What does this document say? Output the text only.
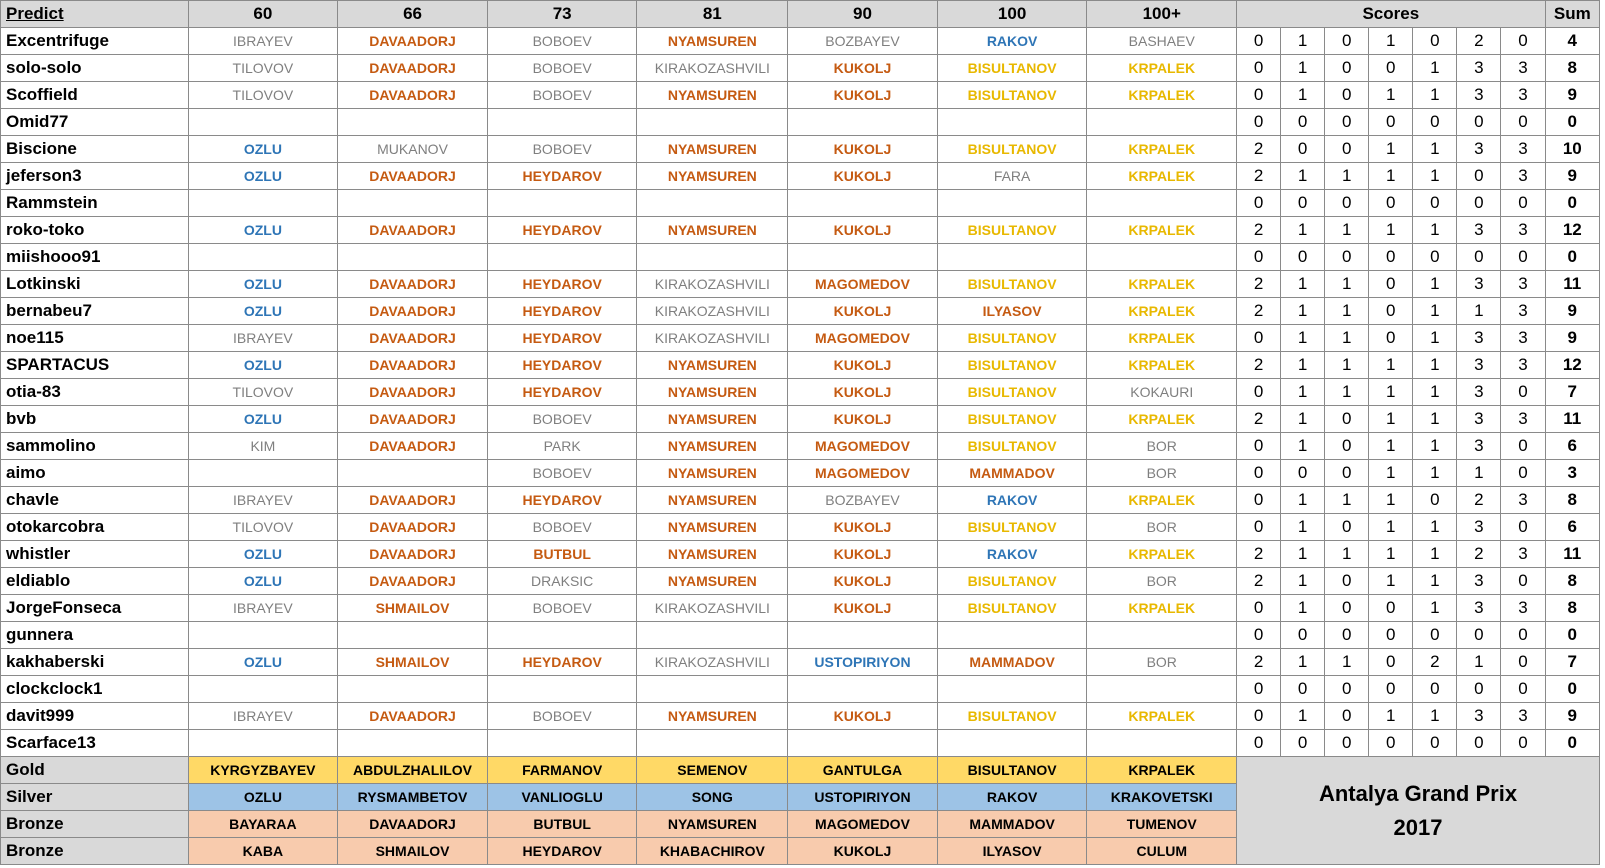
Predict	60	66	73	81	90	100	100+	Scores							Sum
Excentrifuge	IBRAYEV	DAVAADORJ	BOBOEV	NYAMSUREN	BOZBAYEV	RAKOV	BASHAEV	0	1	0	1	0	2	0	4
solo-solo	TILOVOV	DAVAADORJ	BOBOEV	KIRAKOZASHVILI	KUKOLJ	BISULTANOV	KRPALEK	0	1	0	0	1	3	3	8
Scoffield	TILOVOV	DAVAADORJ	BOBOEV	NYAMSUREN	KUKOLJ	BISULTANOV	KRPALEK	0	1	0	1	1	3	3	9
Omid77								0	0	0	0	0	0	0	0
Biscione	OZLU	MUKANOV	BOBOEV	NYAMSUREN	KUKOLJ	BISULTANOV	KRPALEK	2	0	0	1	1	3	3	10
jeferson3	OZLU	DAVAADORJ	HEYDAROV	NYAMSUREN	KUKOLJ	FARA	KRPALEK	2	1	1	1	1	0	3	9
Rammstein								0	0	0	0	0	0	0	0
roko-toko	OZLU	DAVAADORJ	HEYDAROV	NYAMSUREN	KUKOLJ	BISULTANOV	KRPALEK	2	1	1	1	1	3	3	12
miishooo91								0	0	0	0	0	0	0	0
Lotkinski	OZLU	DAVAADORJ	HEYDAROV	KIRAKOZASHVILI	MAGOMEDOV	BISULTANOV	KRPALEK	2	1	1	0	1	3	3	11
bernabeu7	OZLU	DAVAADORJ	HEYDAROV	KIRAKOZASHVILI	KUKOLJ	ILYASOV	KRPALEK	2	1	1	0	1	1	3	9
noe115	IBRAYEV	DAVAADORJ	HEYDAROV	KIRAKOZASHVILI	MAGOMEDOV	BISULTANOV	KRPALEK	0	1	1	0	1	3	3	9
SPARTACUS	OZLU	DAVAADORJ	HEYDAROV	NYAMSUREN	KUKOLJ	BISULTANOV	KRPALEK	2	1	1	1	1	3	3	12
otia-83	TILOVOV	DAVAADORJ	HEYDAROV	NYAMSUREN	KUKOLJ	BISULTANOV	KOKAURI	0	1	1	1	1	3	0	7
bvb	OZLU	DAVAADORJ	BOBOEV	NYAMSUREN	KUKOLJ	BISULTANOV	KRPALEK	2	1	0	1	1	3	3	11
sammolino	KIM	DAVAADORJ	PARK	NYAMSUREN	MAGOMEDOV	BISULTANOV	BOR	0	1	0	1	1	3	0	6
aimo			BOBOEV	NYAMSUREN	MAGOMEDOV	MAMMADOV	BOR	0	0	0	1	1	1	0	3
chavle	IBRAYEV	DAVAADORJ	HEYDAROV	NYAMSUREN	BOZBAYEV	RAKOV	KRPALEK	0	1	1	1	0	2	3	8
otokarcobra	TILOVOV	DAVAADORJ	BOBOEV	NYAMSUREN	KUKOLJ	BISULTANOV	BOR	0	1	0	1	1	3	0	6
whistler	OZLU	DAVAADORJ	BUTBUL	NYAMSUREN	KUKOLJ	RAKOV	KRPALEK	2	1	1	1	1	2	3	11
eldiablo	OZLU	DAVAADORJ	DRAKSIC	NYAMSUREN	KUKOLJ	BISULTANOV	BOR	2	1	0	1	1	3	0	8
JorgeFonseca	IBRAYEV	SHMAILOV	BOBOEV	KIRAKOZASHVILI	KUKOLJ	BISULTANOV	KRPALEK	0	1	0	0	1	3	3	8
gunnera								0	0	0	0	0	0	0	0
kakhaberski	OZLU	SHMAILOV	HEYDAROV	KIRAKOZASHVILI	USTOPIRIYON	MAMMADOV	BOR	2	1	1	0	2	1	0	7
clockclock1								0	0	0	0	0	0	0	0
davit999	IBRAYEV	DAVAADORJ	BOBOEV	NYAMSUREN	KUKOLJ	BISULTANOV	KRPALEK	0	1	0	1	1	3	3	9
Scarface13								0	0	0	0	0	0	0	0
Gold	KYRGYZBAYEV	ABDULZHALILOV	FARMANOV	SEMENOV	GANTULGA	BISULTANOV	KRPALEK	Antalya Grand Prix
2017							

Silver	OZLU	RYSMAMBETOV	VANLIOGLU	SONG	USTOPIRIYON	RAKOV	KRAKOVETSKI								
Bronze	BAYARAA	DAVAADORJ	BUTBUL	NYAMSUREN	MAGOMEDOV	MAMMADOV	TUMENOV								
Bronze	KABA	SHMAILOV	HEYDAROV	KHABACHIROV	KUKOLJ	ILYASOV	CULUM								
